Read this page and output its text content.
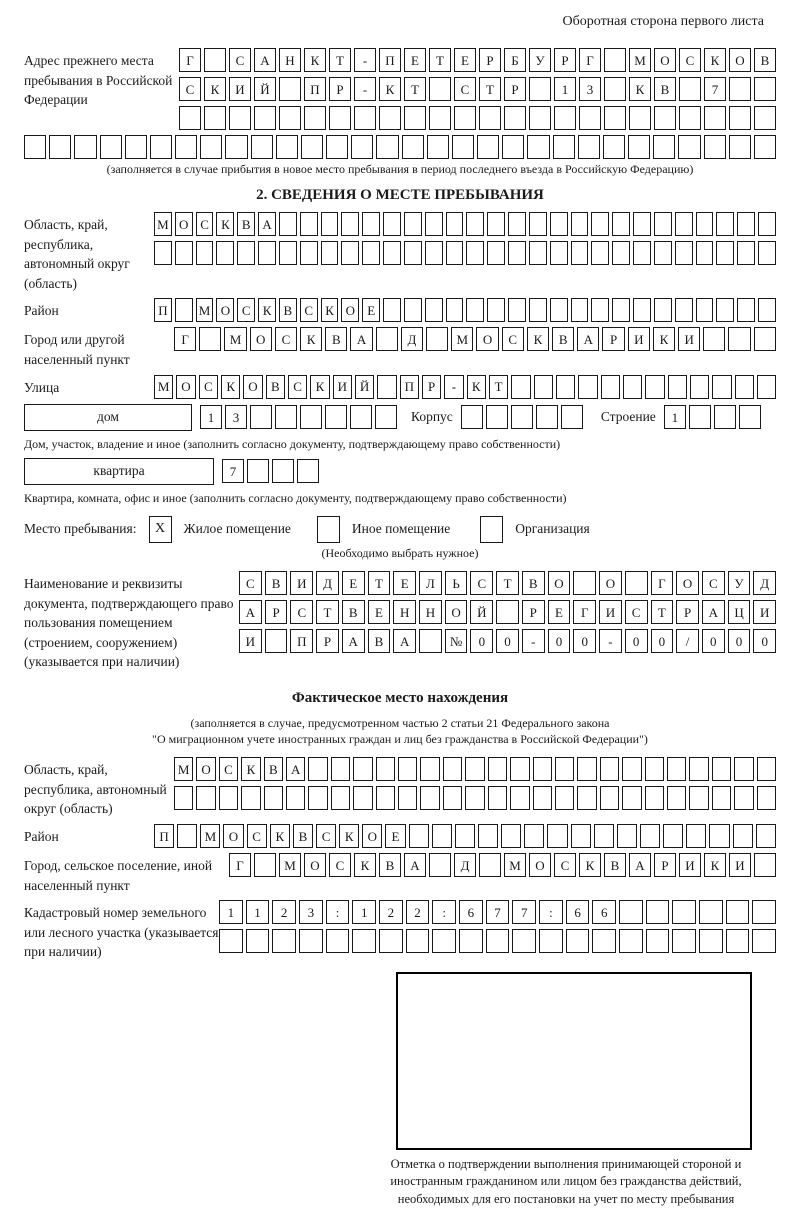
Оборотная сторона первого листа
Адрес прежнего места пребывания в Российской Федерации
Г	С	А	Н	К	Т	-	П	Е	Т	Е	Р	Б	У	Р	Г	М	О	С	К	О	В
С	К	И	Й	П	Р	-	К	Т	С	Т	Р	1	3	К	В	7
(заполняется в случае прибытия в новое место пребывания в период последнего въезда в Российскую Федерацию)
2. СВЕДЕНИЯ О МЕСТЕ ПРЕБЫВАНИЯ
Область, край, республика, автономный округ (область)
М О С К В А
Район	П	М О С К В С К О Е
Город или другой населенный пункт
Г	М	О	С	К	В	А	Д	М	О	С	К	В	А	Р	И	К	И
Улица	М О	С	К	О	В	С	К	И Й	П	Р	-	К	Т
дом	1	3	Корпус	Строение	1
Дом, участок, владение и иное (заполнить согласно документу, подтверждающему право собственности)
квартира	7
Квартира, комната, офис и иное (заполнить согласно документу, подтверждающему право собственности)
Место пребывания:	X	Жилое помещение	Иное помещение	Организация
(Необходимо выбрать нужное)
Наименование и реквизиты документа, подтверждающего право пользования помещением (строением, сооружением) (указывается при наличии)
С	В	И	Д	Е	Т	Е	Л	Ь	С	Т	В	О	О	Г	О	С	У	Д
А	Р	С	Т	В	Е	Н	Н	О	Й	Р	Е	Г	И	С	Т	Р	А	Ц	И
И	П	Р	А	В	А	№	0	0	-	0	0	-	0	0	/	0	0	0
Фактическое место нахождения
(заполняется в случае, предусмотренном частью 2 статьи 21 Федерального закона
"О миграционном учете иностранных граждан и лиц без гражданства в Российской Федерации")
Область, край, республика, автономный округ (область)
М О	С	К	В	А
Район	П	М О	С	К	В	С	К	О	Е
Город, сельское поселение, иной населенный пункт
Г	М	О	С	К	В	А	Д	М	О	С	К	В	А	Р	И	К	И
Кадастровый номер земельного или лесного участка (указывается при наличии)
1	1	2	3	:	1	2	2	:	6	7	7	:	6	6
Отметка о подтверждении выполнения принимающей стороной и иностранным гражданином или лицом без гражданства действий, необходимых для его постановки на учет по месту пребывания
